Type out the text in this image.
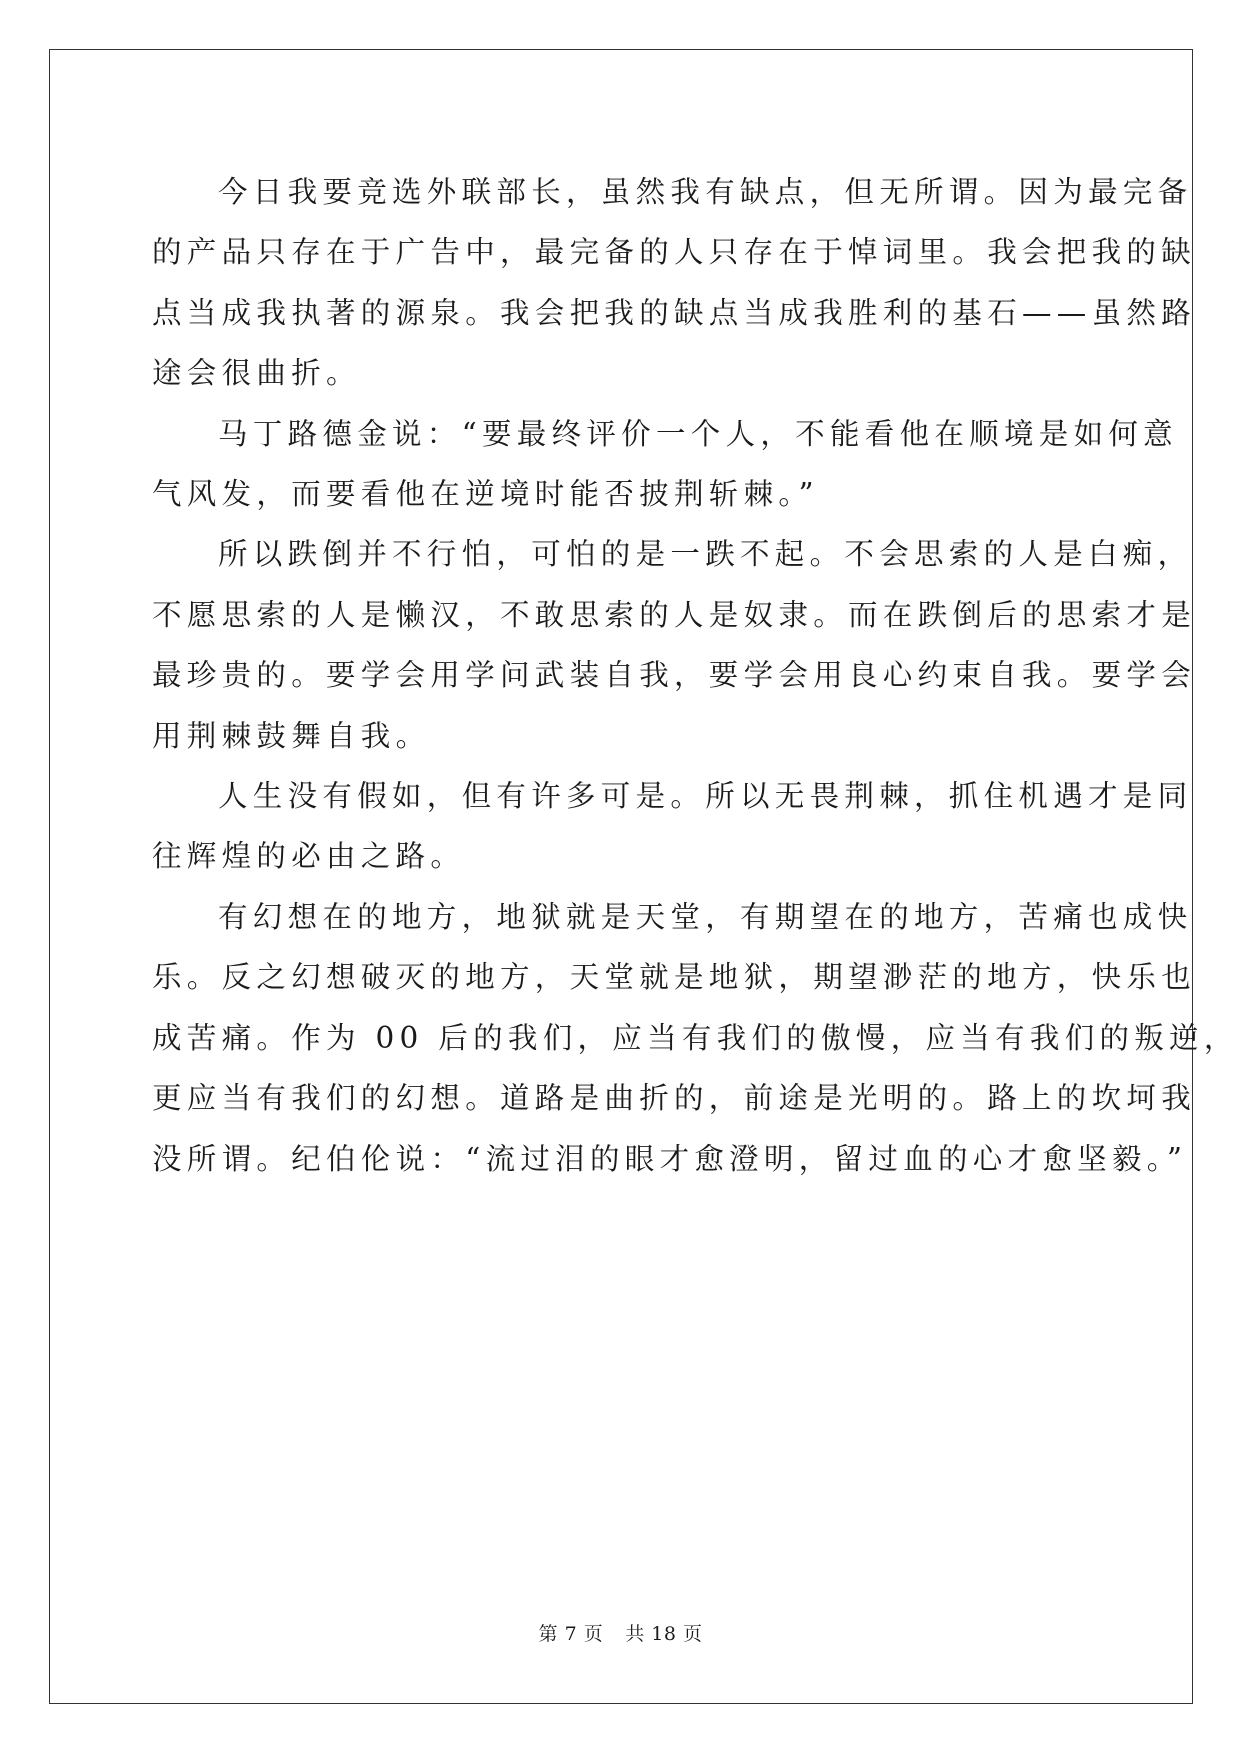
今日我要竞选外联部长，虽然我有缺点，但无所谓。因为最完备
的产品只存在于广告中，最完备的人只存在于悼词里。我会把我的缺
点当成我执著的源泉。我会把我的缺点当成我胜利的基石——虽然路
途会很曲折。

马丁路德金说：“要最终评价一个人，不能看他在顺境是如何意
气风发，而要看他在逆境时能否披荆斩棘。”

所以跌倒并不行怕，可怕的是一跌不起。不会思索的人是白痴，
不愿思索的人是懒汉，不敢思索的人是奴隶。而在跌倒后的思索才是
最珍贵的。要学会用学问武装自我，要学会用良心约束自我。要学会
用荆棘鼓舞自我。

人生没有假如，但有许多可是。所以无畏荆棘，抓住机遇才是同
往辉煌的必由之路。

有幻想在的地方，地狱就是天堂，有期望在的地方，苦痛也成快
乐。反之幻想破灭的地方，天堂就是地狱，期望渺茫的地方，快乐也
成苦痛。作为 00 后的我们，应当有我们的傲慢，应当有我们的叛逆，
更应当有我们的幻想。道路是曲折的，前途是光明的。路上的坎坷我
没所谓。纪伯伦说：“流过泪的眼才愈澄明，留过血的心才愈坚毅。”

第 7 页 共 18 页
